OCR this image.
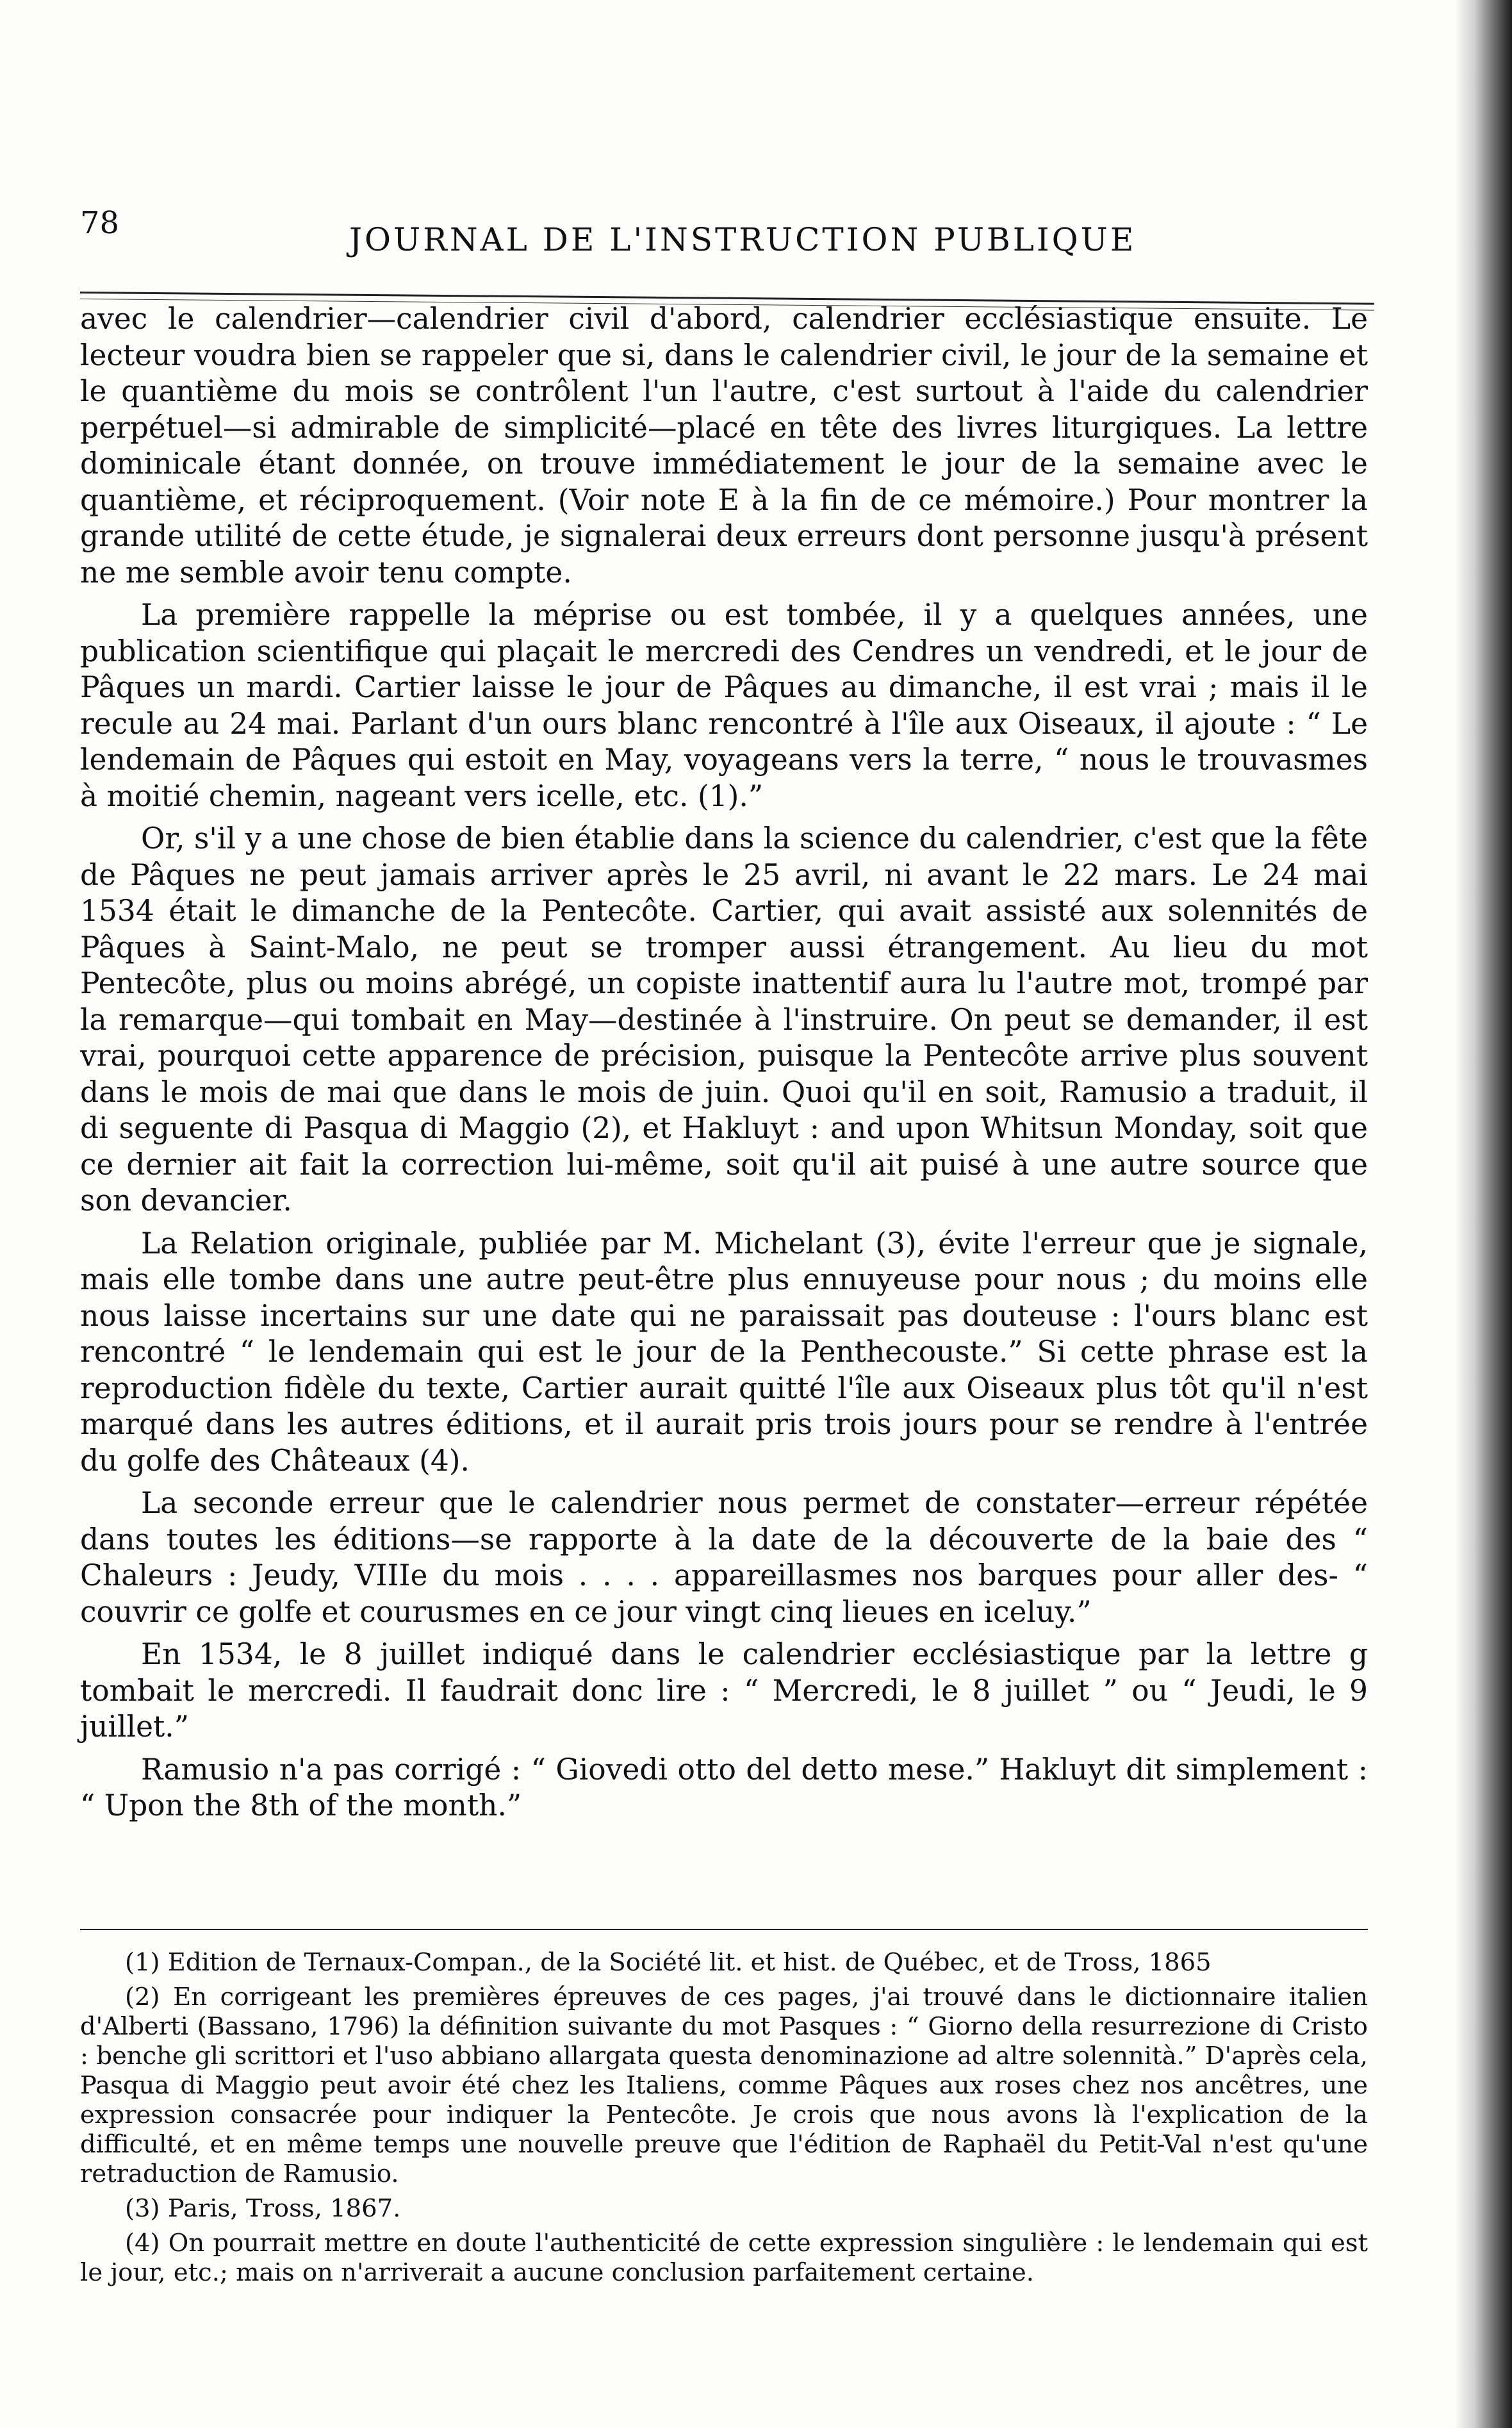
78	JOURNAL DE L'INSTRUCTION PUBLIQUE

avec le calendrier—calendrier civil d'abord, calendrier ecclésiastique ensuite. Le lecteur voudra bien se rappeler que si, dans le calendrier civil, le jour de la semaine et le quantième du mois se contrôlent l'un l'autre, c'est surtout à l'aide du calendrier perpétuel—si admirable de simplicité—placé en tête des livres liturgiques. La lettre dominicale étant donnée, on trouve immédiatement le jour de la semaine avec le quantième, et réciproquement. (Voir note E à la fin de ce mémoire.) Pour montrer la grande utilité de cette étude, je signalerai deux erreurs dont personne jusqu'à présent ne me semble avoir tenu compte.

La première rappelle la méprise ou est tombée, il y a quelques années, une publication scientifique qui plaçait le mercredi des Cendres un vendredi, et le jour de Pâques un mardi. Cartier laisse le jour de Pâques au dimanche, il est vrai ; mais il le recule au 24 mai. Parlant d'un ours blanc rencontré à l'île aux Oiseaux, il ajoute : “ Le lendemain de Pâques qui estoit en May, voyageans vers la terre, “ nous le trouvasmes à moitié chemin, nageant vers icelle, etc. (1).”

Or, s'il y a une chose de bien établie dans la science du calendrier, c'est que la fête de Pâques ne peut jamais arriver après le 25 avril, ni avant le 22 mars. Le 24 mai 1534 était le dimanche de la Pentecôte. Cartier, qui avait assisté aux solennités de Pâques à Saint-Malo, ne peut se tromper aussi étrangement. Au lieu du mot Pentecôte, plus ou moins abrégé, un copiste inattentif aura lu l'autre mot, trompé par la remarque—qui tombait en May—destinée à l'instruire. On peut se demander, il est vrai, pourquoi cette apparence de précision, puisque la Pentecôte arrive plus souvent dans le mois de mai que dans le mois de juin. Quoi qu'il en soit, Ramusio a traduit, il di seguente di Pasqua di Maggio (2), et Hakluyt : and upon Whitsun Monday, soit que ce dernier ait fait la correction lui-même, soit qu'il ait puisé à une autre source que son devancier.

La Relation originale, publiée par M. Michelant (3), évite l'erreur que je signale, mais elle tombe dans une autre peut-être plus ennuyeuse pour nous ; du moins elle nous laisse incertains sur une date qui ne paraissait pas douteuse : l'ours blanc est rencontré “ le lendemain qui est le jour de la Penthecouste.” Si cette phrase est la reproduction fidèle du texte, Cartier aurait quitté l'île aux Oiseaux plus tôt qu'il n'est marqué dans les autres éditions, et il aurait pris trois jours pour se rendre à l'entrée du golfe des Châteaux (4).

La seconde erreur que le calendrier nous permet de constater—erreur répétée dans toutes les éditions—se rapporte à la date de la découverte de la baie des “ Chaleurs : Jeudy, VIIIe du mois . . . . appareillasmes nos barques pour aller des- “ couvrir ce golfe et courusmes en ce jour vingt cinq lieues en iceluy.”

En 1534, le 8 juillet indiqué dans le calendrier ecclésiastique par la lettre g tombait le mercredi. Il faudrait donc lire : “ Mercredi, le 8 juillet ” ou “ Jeudi, le 9 juillet.”

Ramusio n'a pas corrigé : “ Giovedi otto del detto mese.” Hakluyt dit simplement : “ Upon the 8th of the month.”

(1) Edition de Ternaux-Compan., de la Société lit. et hist. de Québec, et de Tross, 1865

(2) En corrigeant les premières épreuves de ces pages, j'ai trouvé dans le dictionnaire italien d'Alberti (Bassano, 1796) la définition suivante du mot Pasques : “ Giorno della resurrezione di Cristo : benche gli scrittori et l'uso abbiano allargata questa denominazione ad altre solennità.” D'après cela, Pasqua di Maggio peut avoir été chez les Italiens, comme Pâques aux roses chez nos ancêtres, une expression consacrée pour indiquer la Pentecôte. Je crois que nous avons là l'explication de la difficulté, et en même temps une nouvelle preuve que l'édition de Raphaël du Petit-Val n'est qu'une retraduction de Ramusio.

(3) Paris, Tross, 1867.

(4) On pourrait mettre en doute l'authenticité de cette expression singulière : le lendemain qui est le jour, etc.; mais on n'arriverait a aucune conclusion parfaitement certaine.
